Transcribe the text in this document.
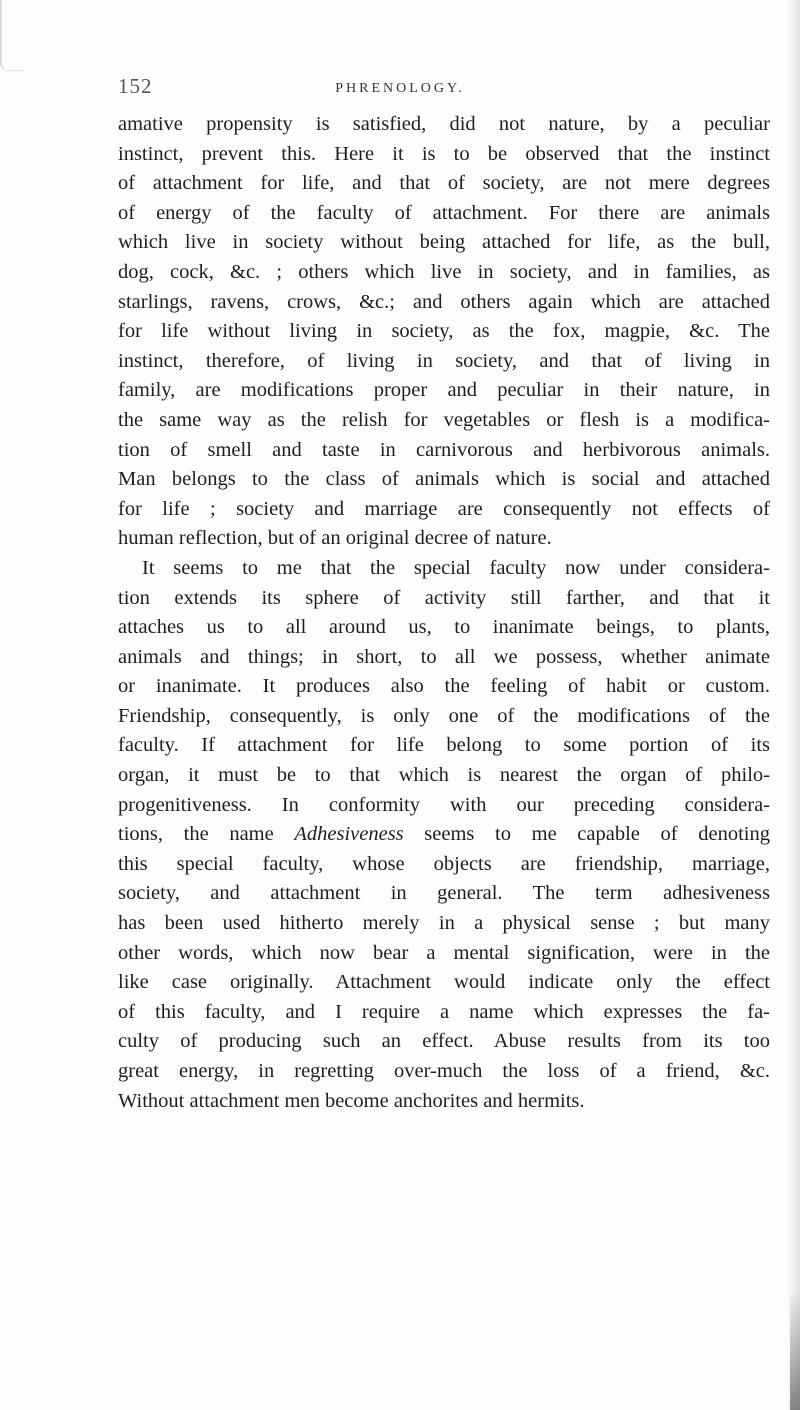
152	PHRENOLOGY.
amative propensity is satisfied, did not nature, by a peculiar
instinct, prevent this. Here it is to be observed that the instinct
of attachment for life, and that of society, are not mere degrees
of energy of the faculty of attachment. For there are animals
which live in society without being attached for life, as the bull,
dog, cock, &c. ; others which live in society, and in families, as
starlings, ravens, crows, &c.; and others again which are attached
for life without living in society, as the fox, magpie, &c. The
instinct, therefore, of living in society, and that of living in
family, are modifications proper and peculiar in their nature, in
the same way as the relish for vegetables or flesh is a modifica-
tion of smell and taste in carnivorous and herbivorous animals.
Man belongs to the class of animals which is social and attached
for life ; society and marriage are consequently not effects of
human reflection, but of an original decree of nature.
It seems to me that the special faculty now under considera-
tion extends its sphere of activity still farther, and that it
attaches us to all around us, to inanimate beings, to plants,
animals and things; in short, to all we possess, whether animate
or inanimate. It produces also the feeling of habit or custom.
Friendship, consequently, is only one of the modifications of the
faculty. If attachment for life belong to some portion of its
organ, it must be to that which is nearest the organ of philo-
progenitiveness. In conformity with our preceding considera-
tions, the name Adhesiveness seems to me capable of denoting
this special faculty, whose objects are friendship, marriage,
society, and attachment in general. The term adhesiveness
has been used hitherto merely in a physical sense ; but many
other words, which now bear a mental signification, were in the
like case originally. Attachment would indicate only the effect
of this faculty, and I require a name which expresses the fa-
culty of producing such an effect. Abuse results from its too
great energy, in regretting over-much the loss of a friend, &c.
Without attachment men become anchorites and hermits.
